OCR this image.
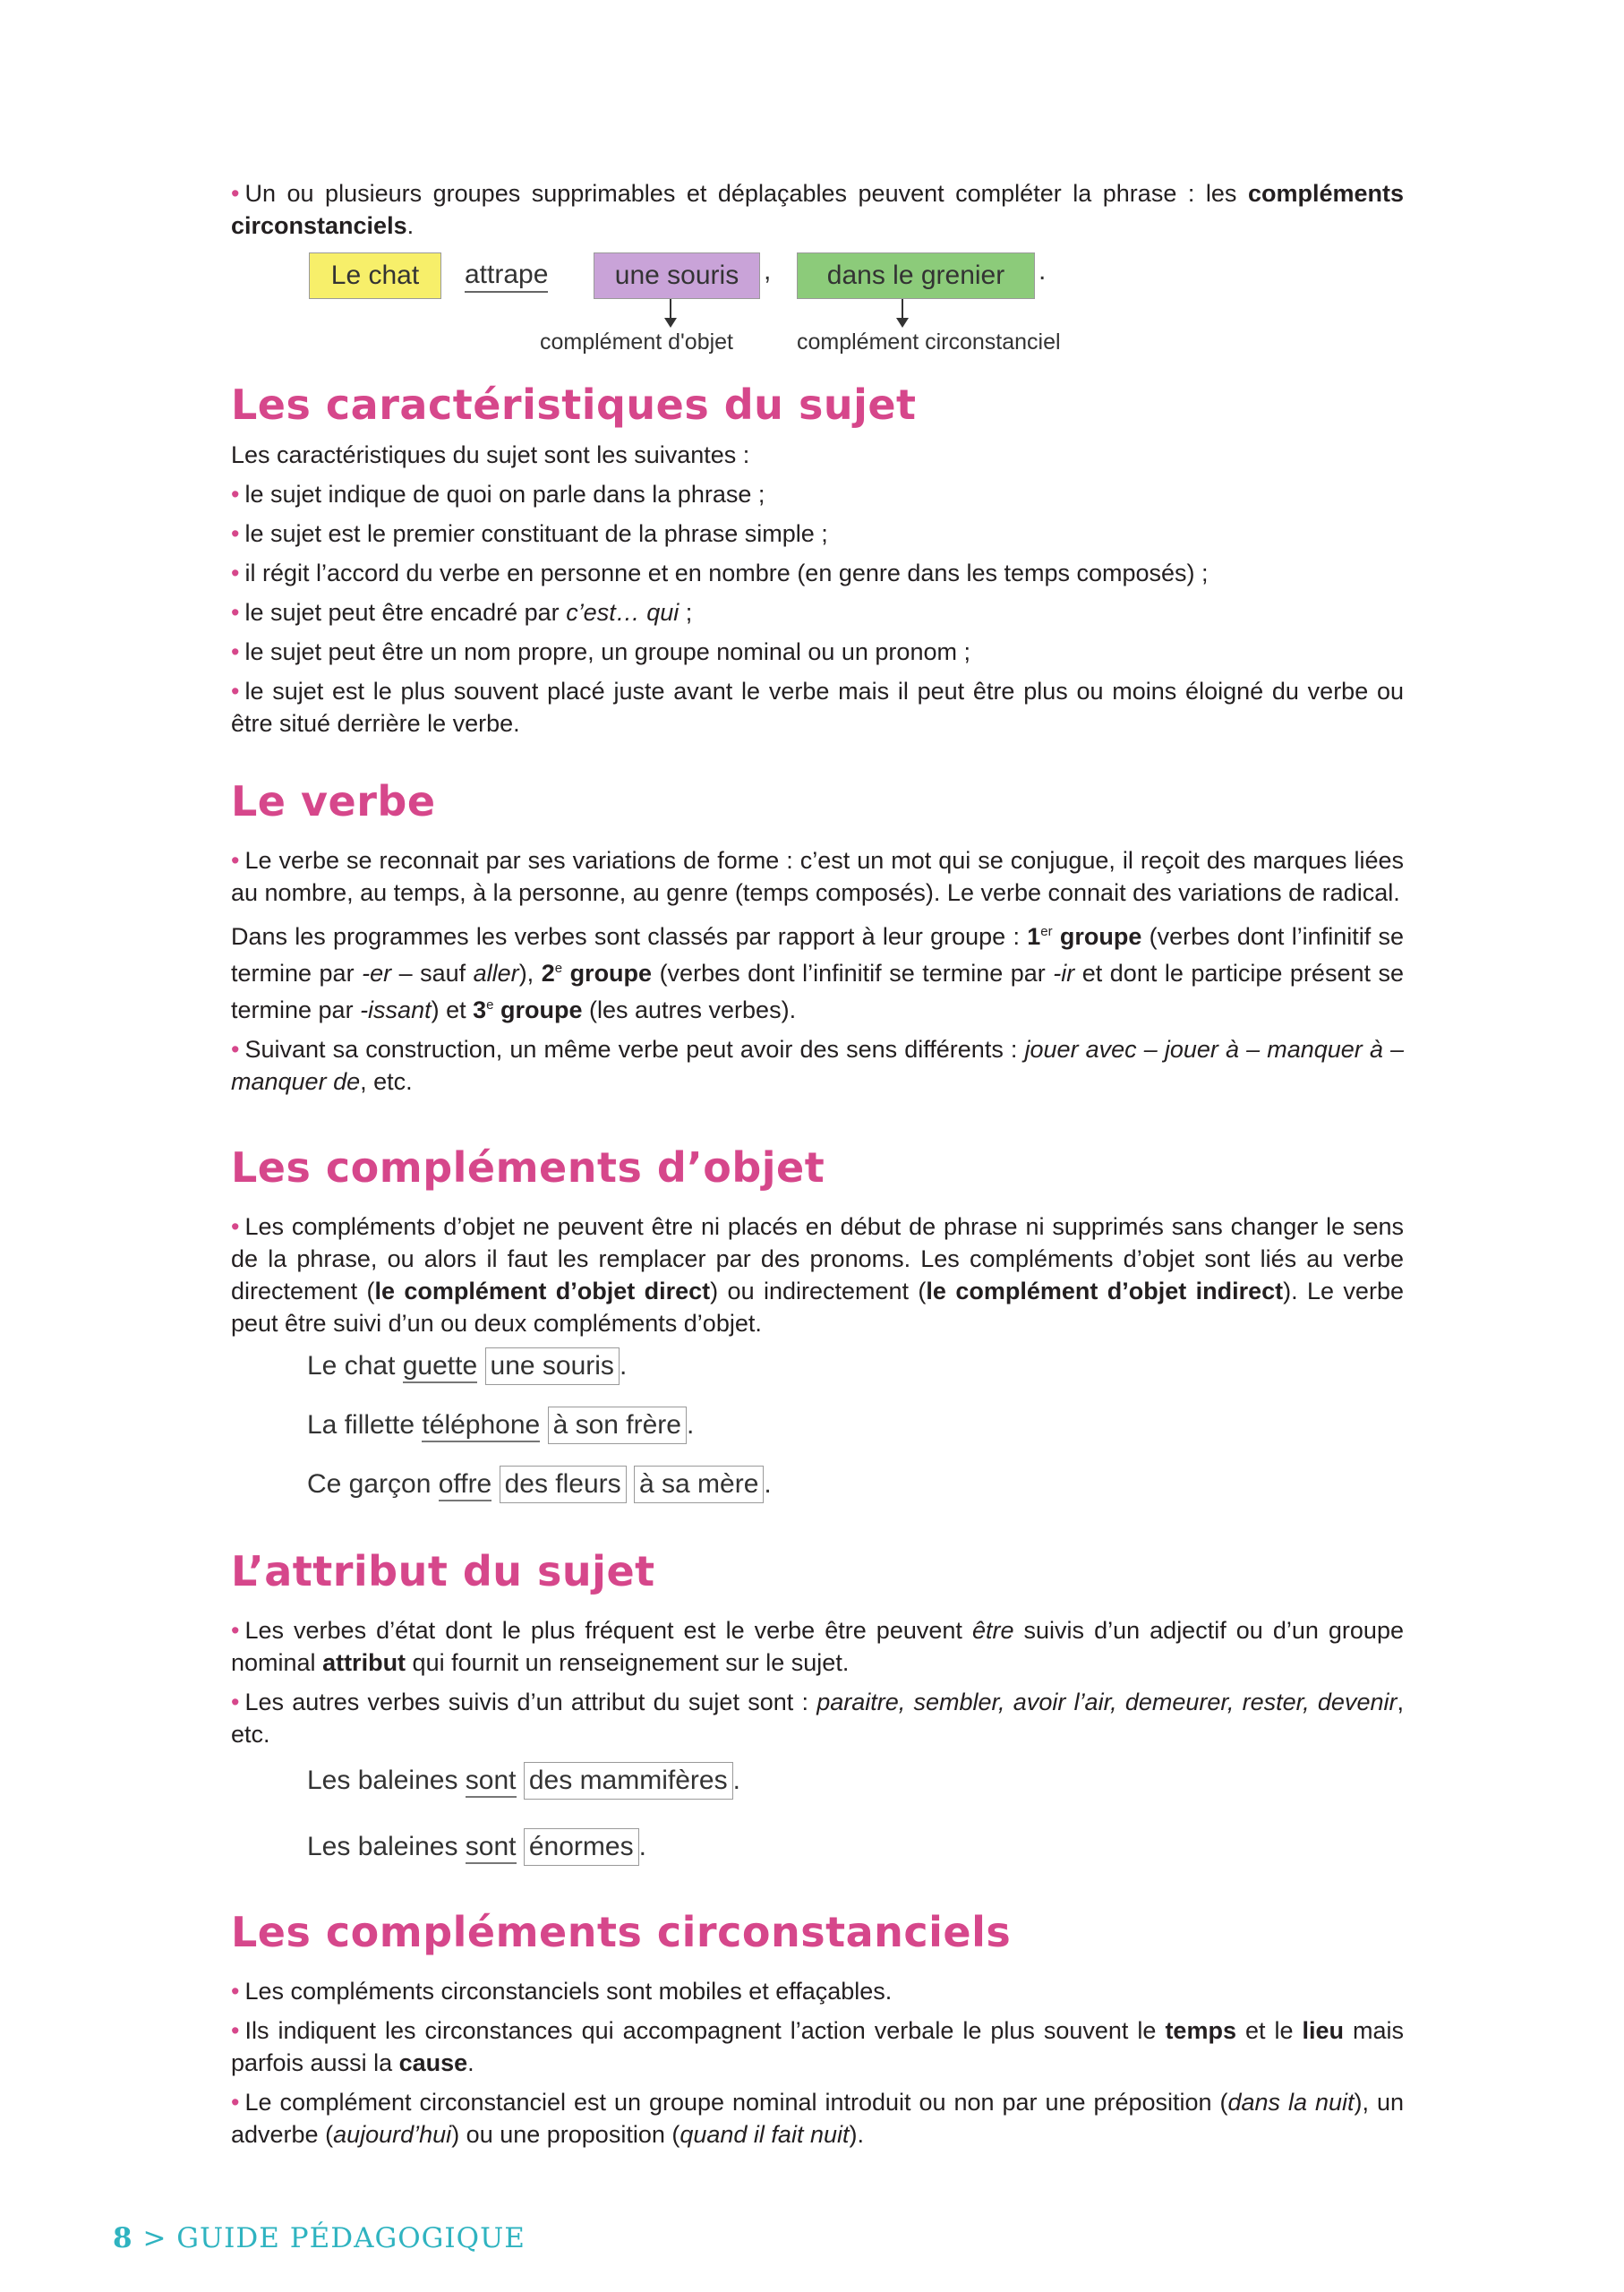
• Un ou plusieurs groupes supprimables et déplaçables peuvent compléter la phrase : les compléments circonstanciels.

Le chat	attrape	une souris ,	dans le grenier	.
complément d'objet	complément circonstanciel
Les caractéristiques du sujet

Les caractéristiques du sujet sont les suivantes :

• le sujet indique de quoi on parle dans la phrase ;

• le sujet est le premier constituant de la phrase simple ;

• il régit l’accord du verbe en personne et en nombre (en genre dans les temps composés) ;

• le sujet peut être encadré par c’est… qui ;

• le sujet peut être un nom propre, un groupe nominal ou un pronom ;

• le sujet est le plus souvent placé juste avant le verbe mais il peut être plus ou moins éloigné du verbe ou être situé derrière le verbe.

Le verbe

• Le verbe se reconnait par ses variations de forme : c’est un mot qui se conjugue, il reçoit des marques liées au nombre, au temps, à la personne, au genre (temps composés). Le verbe connait des variations de radical.

Dans les programmes les verbes sont classés par rapport à leur groupe : 1er groupe (verbes dont l’infinitif se termine par -er – sauf aller), 2e groupe (verbes dont l’infinitif se termine par -ir et dont le participe présent se termine par -issant) et 3e groupe (les autres verbes).

• Suivant sa construction, un même verbe peut avoir des sens différents : jouer avec – jouer à – manquer à – manquer de, etc.

Les compléments d’objet

• Les compléments d’objet ne peuvent être ni placés en début de phrase ni supprimés sans changer le sens de la phrase, ou alors il faut les remplacer par des pronoms. Les compléments d’objet sont liés au verbe directement (le complément d’objet direct) ou indirectement (le complément d’objet indirect). Le verbe peut être suivi d’un ou deux compléments d’objet.

Le chat guette une souris .
La fillette téléphone à son frère .
Ce garçon offre des fleurs à sa mère .
L’attribut du sujet

• Les verbes d’état dont le plus fréquent est le verbe être peuvent être suivis d’un adjectif ou d’un groupe nominal attribut qui fournit un renseignement sur le sujet.

• Les autres verbes suivis d’un attribut du sujet sont : paraitre, sembler, avoir l’air, demeurer, rester, devenir, etc.

Les baleines sont des mammifères .
Les baleines sont énormes .
Les compléments circonstanciels

• Les compléments circonstanciels sont mobiles et effaçables.

• Ils indiquent les circonstances qui accompagnent l’action verbale le plus souvent le temps et le lieu mais parfois aussi la cause.

• Le complément circonstanciel est un groupe nominal introduit ou non par une préposition (dans la nuit), un adverbe (aujourd’hui) ou une proposition (quand il fait nuit).

8 > GUIDE PÉDAGOGIQUE
